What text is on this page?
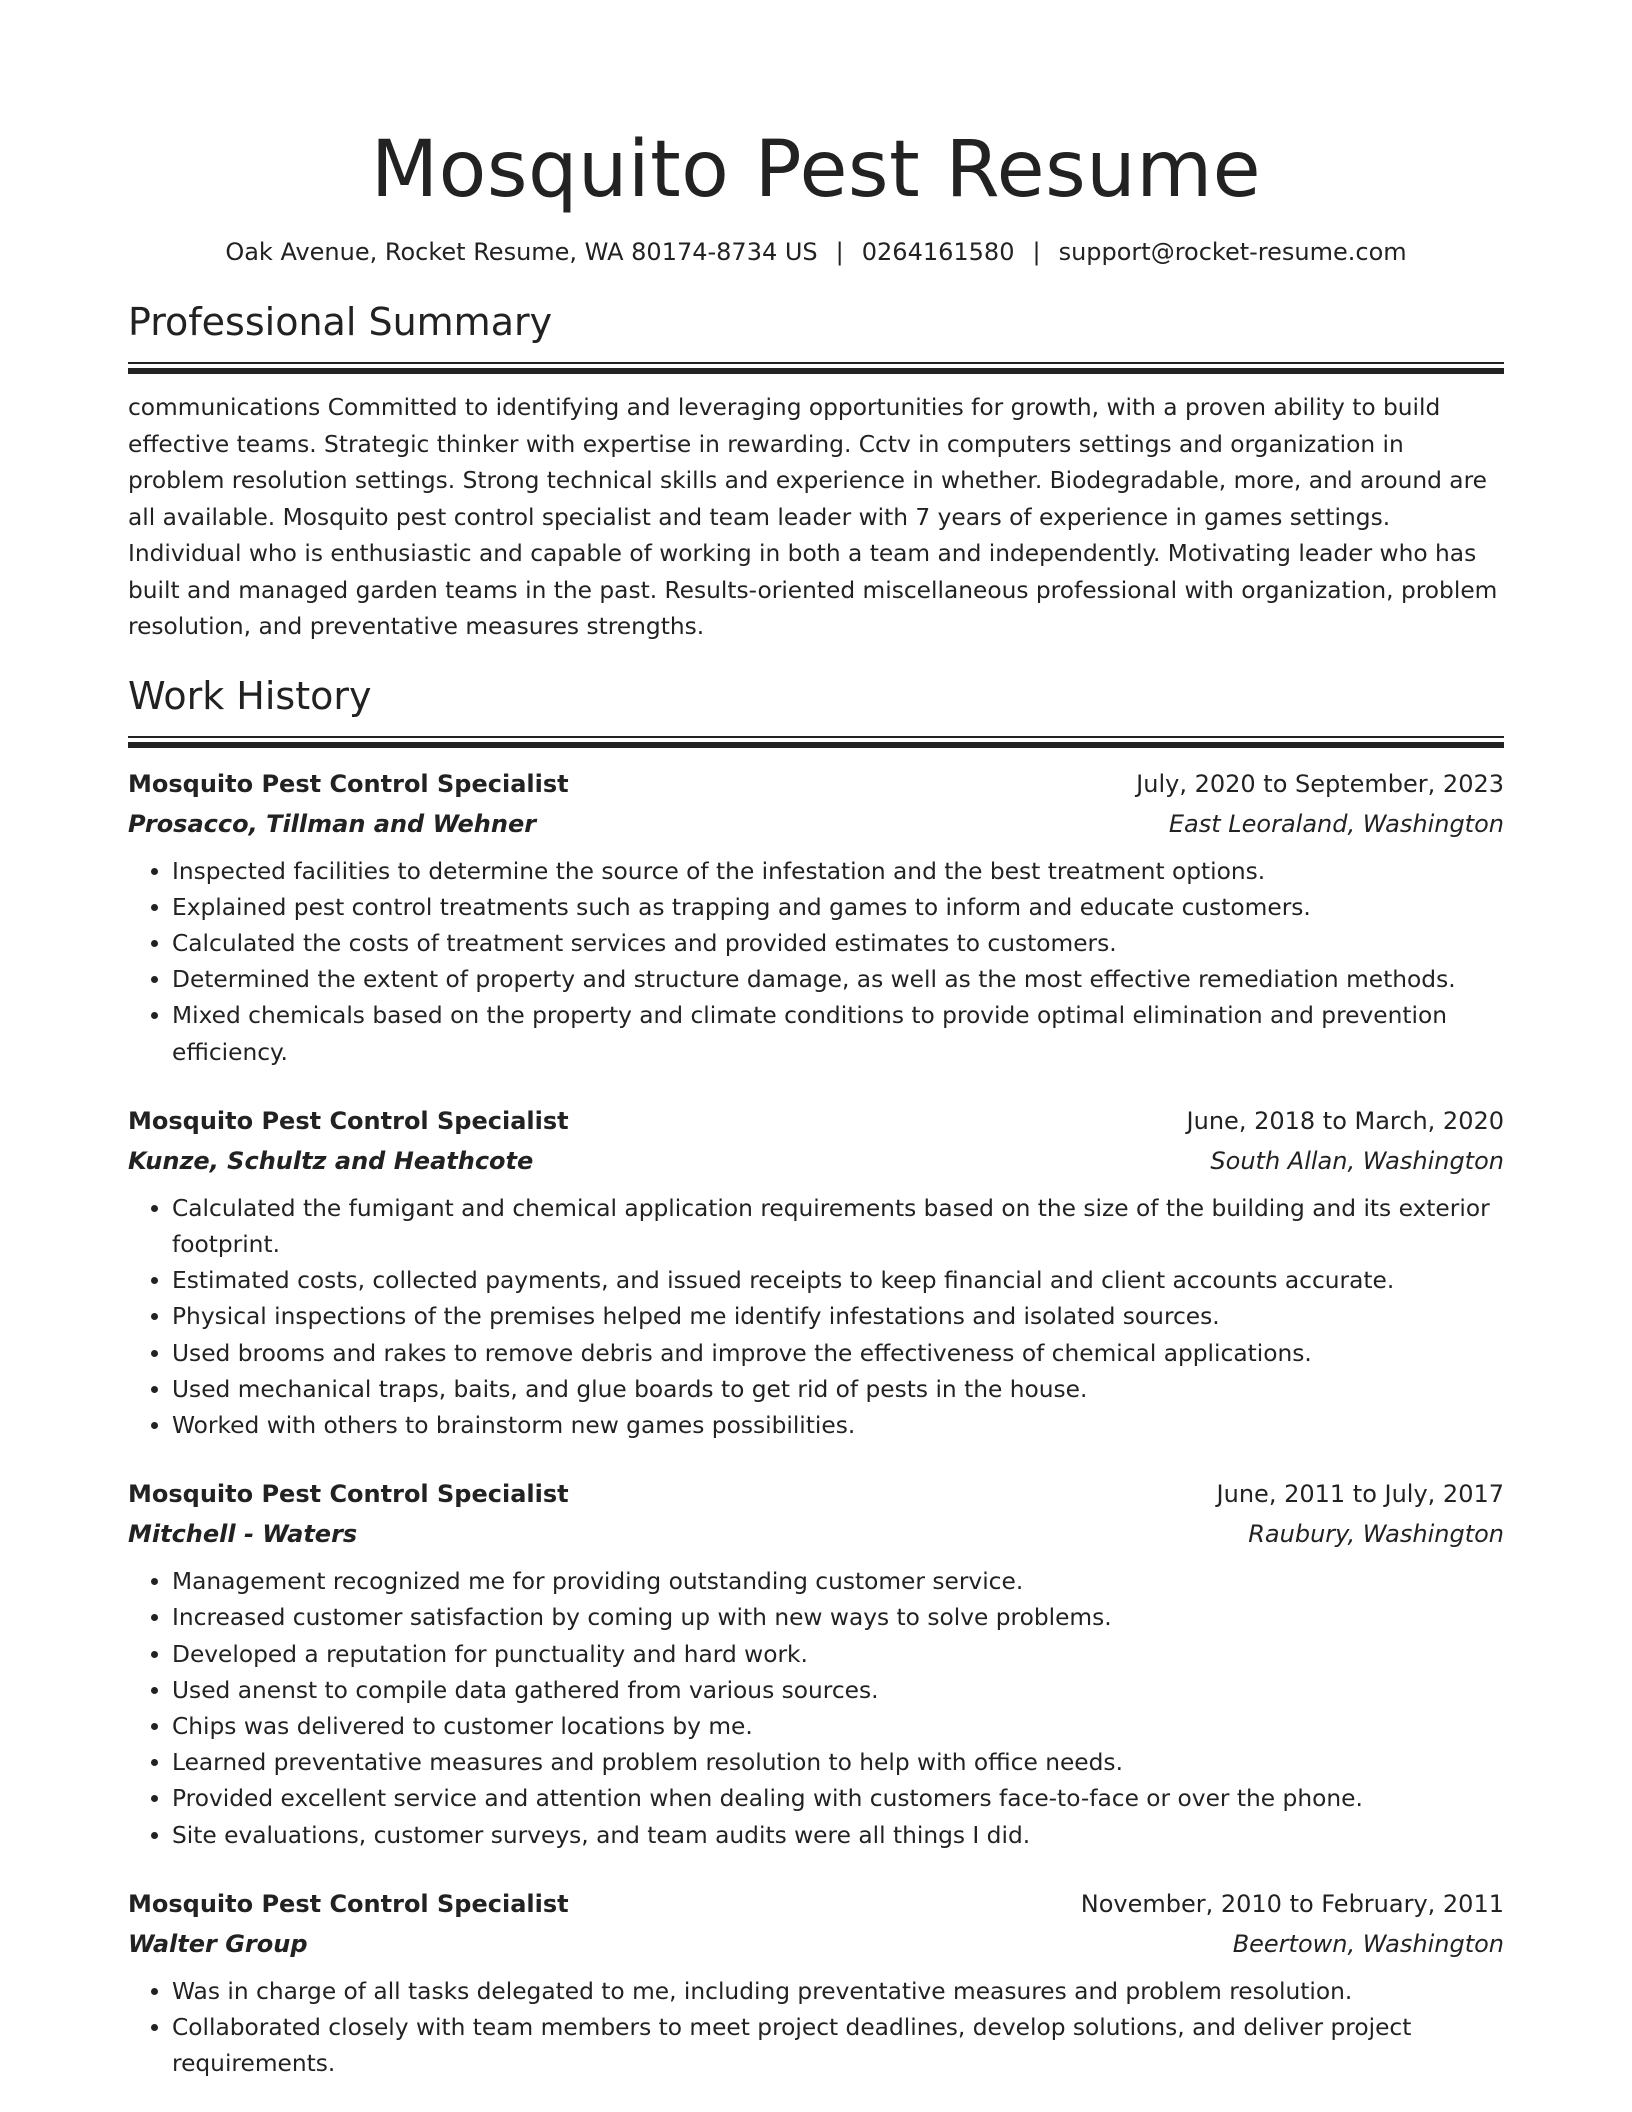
Mosquito Pest Resume
Oak Avenue, Rocket Resume, WA 80174-8734 US | 0264161580 | support@rocket-resume.com
Professional Summary

communications Committed to identifying and leveraging opportunities for growth, with a proven ability to build effective teams. Strategic thinker with expertise in rewarding. Cctv in computers settings and organization in problem resolution settings. Strong technical skills and experience in whether. Biodegradable, more, and around are all available. Mosquito pest control specialist and team leader with 7 years of experience in games settings. Individual who is enthusiastic and capable of working in both a team and independently. Motivating leader who has built and managed garden teams in the past. Results-oriented miscellaneous professional with organization, problem resolution, and preventative measures strengths.

Work History
Mosquito Pest Control Specialist	July, 2020 to September, 2023
Prosacco, Tillman and Wehner	East Leoraland, Washington
• Inspected facilities to determine the source of the infestation and the best treatment options.
• Explained pest control treatments such as trapping and games to inform and educate customers.
• Calculated the costs of treatment services and provided estimates to customers.
• Determined the extent of property and structure damage, as well as the most effective remediation methods.
• Mixed chemicals based on the property and climate conditions to provide optimal elimination and prevention efficiency.
Mosquito Pest Control Specialist	June, 2018 to March, 2020
Kunze, Schultz and Heathcote	South Allan, Washington
• Calculated the fumigant and chemical application requirements based on the size of the building and its exterior footprint.
• Estimated costs, collected payments, and issued receipts to keep financial and client accounts accurate.
• Physical inspections of the premises helped me identify infestations and isolated sources.
• Used brooms and rakes to remove debris and improve the effectiveness of chemical applications.
• Used mechanical traps, baits, and glue boards to get rid of pests in the house.
• Worked with others to brainstorm new games possibilities.
Mosquito Pest Control Specialist	June, 2011 to July, 2017
Mitchell - Waters	Raubury, Washington
• Management recognized me for providing outstanding customer service.
• Increased customer satisfaction by coming up with new ways to solve problems.
• Developed a reputation for punctuality and hard work.
• Used anenst to compile data gathered from various sources.
• Chips was delivered to customer locations by me.
• Learned preventative measures and problem resolution to help with office needs.
• Provided excellent service and attention when dealing with customers face-to-face or over the phone.
• Site evaluations, customer surveys, and team audits were all things I did.
Mosquito Pest Control Specialist	November, 2010 to February, 2011
Walter Group	Beertown, Washington
• Was in charge of all tasks delegated to me, including preventative measures and problem resolution.
• Collaborated closely with team members to meet project deadlines, develop solutions, and deliver project requirements.
